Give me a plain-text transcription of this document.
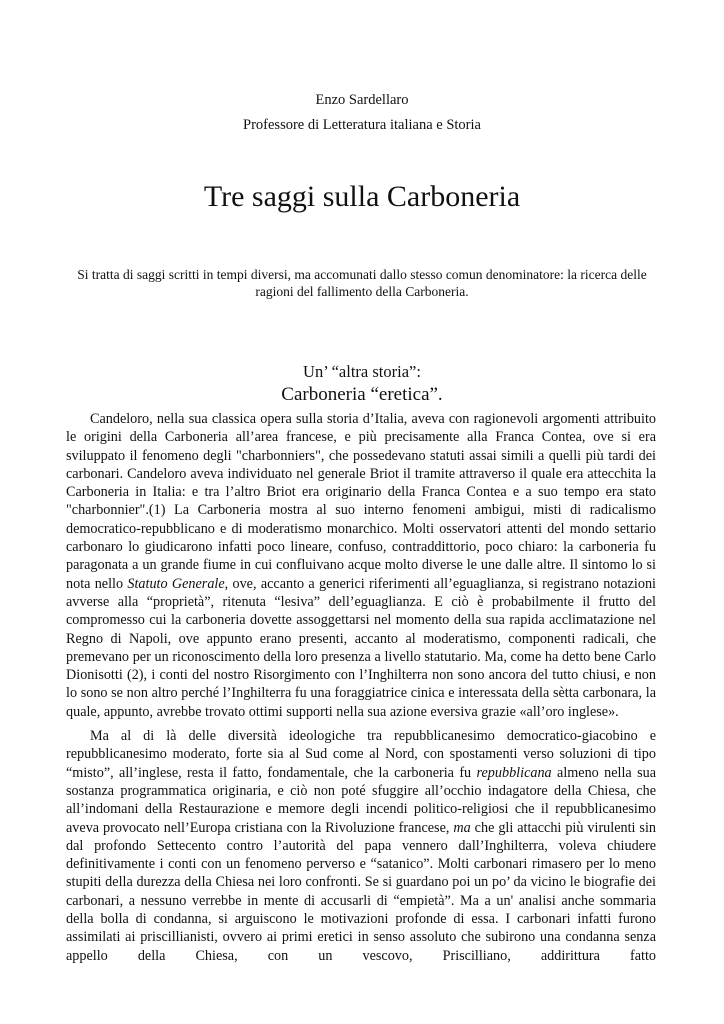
Enzo Sardellaro
Professore di Letteratura italiana e Storia
Tre saggi sulla Carboneria
Si tratta di saggi scritti in tempi diversi, ma accomunati dallo stesso comun denominatore: la ricerca delle ragioni del fallimento della Carboneria.
Un’ “altra storia”:
Carboneria “eretica”.

Candeloro, nella sua classica opera sulla storia d’Italia, aveva con ragionevoli argomenti attribuito le origini della Carboneria all’area francese, e più precisamente alla Franca Contea, ove si era sviluppato il fenomeno degli "charbonniers", che possedevano statuti assai simili a quelli più tardi dei carbonari. Candeloro aveva individuato nel generale Briot il tramite attraverso il quale era attecchita la Carboneria in Italia: e tra l’altro Briot era originario della Franca Contea e a suo tempo era stato "charbonnier".(1) La Carboneria mostra al suo interno fenomeni ambigui, misti di radicalismo democratico-repubblicano e di moderatismo monarchico. Molti osservatori attenti del mondo settario carbonaro lo giudicarono infatti poco lineare, confuso, contraddittorio, poco chiaro: la carboneria fu paragonata a un grande fiume in cui confluivano acque molto diverse le une dalle altre. Il sintomo lo si nota nello Statuto Generale, ove, accanto a generici riferimenti all’eguaglianza, si registrano notazioni avverse alla “proprietà”, ritenuta “lesiva” dell’eguaglianza. E ciò è probabilmente il frutto del compromesso cui la carboneria dovette assoggettarsi nel momento della sua rapida acclimatazione nel Regno di Napoli, ove appunto erano presenti, accanto al moderatismo, componenti radicali, che premevano per un riconoscimento della loro presenza a livello statutario. Ma, come ha detto bene Carlo Dionisotti (2), i conti del nostro Risorgimento con l’Inghilterra non sono ancora del tutto chiusi, e non lo sono se non altro perché l’Inghilterra fu una foraggiatrice cinica e interessata della sètta carbonara, la quale, appunto, avrebbe trovato ottimi supporti nella sua azione eversiva grazie «all’oro inglese».

Ma al di là delle diversità ideologiche tra repubblicanesimo democratico-giacobino e repubblicanesimo moderato, forte sia al Sud come al Nord, con spostamenti verso soluzioni di tipo “misto”, all’inglese, resta il fatto, fondamentale, che la carboneria fu repubblicana almeno nella sua sostanza programmatica originaria, e ciò non poté sfuggire all’occhio indagatore della Chiesa, che all’indomani della Restaurazione e memore degli incendi politico-religiosi che il repubblicanesimo aveva provocato nell’Europa cristiana con la Rivoluzione francese, ma che gli attacchi più virulenti sin dal profondo Settecento contro l’autorità del papa vennero dall’Inghilterra, voleva chiudere definitivamente i conti con un fenomeno perverso e “satanico”. Molti carbonari rimasero per lo meno stupiti della durezza della Chiesa nei loro confronti. Se si guardano poi un po’ da vicino le biografie dei carbonari, a nessuno verrebbe in mente di accusarli di “empietà”. Ma a un' analisi anche sommaria della bolla di condanna, si arguiscono le motivazioni profonde di essa. I carbonari infatti furono assimilati ai priscillianisti, ovvero ai primi eretici in senso assoluto che subirono una condanna senza appello della Chiesa, con un vescovo, Priscilliano, addirittura fatto
